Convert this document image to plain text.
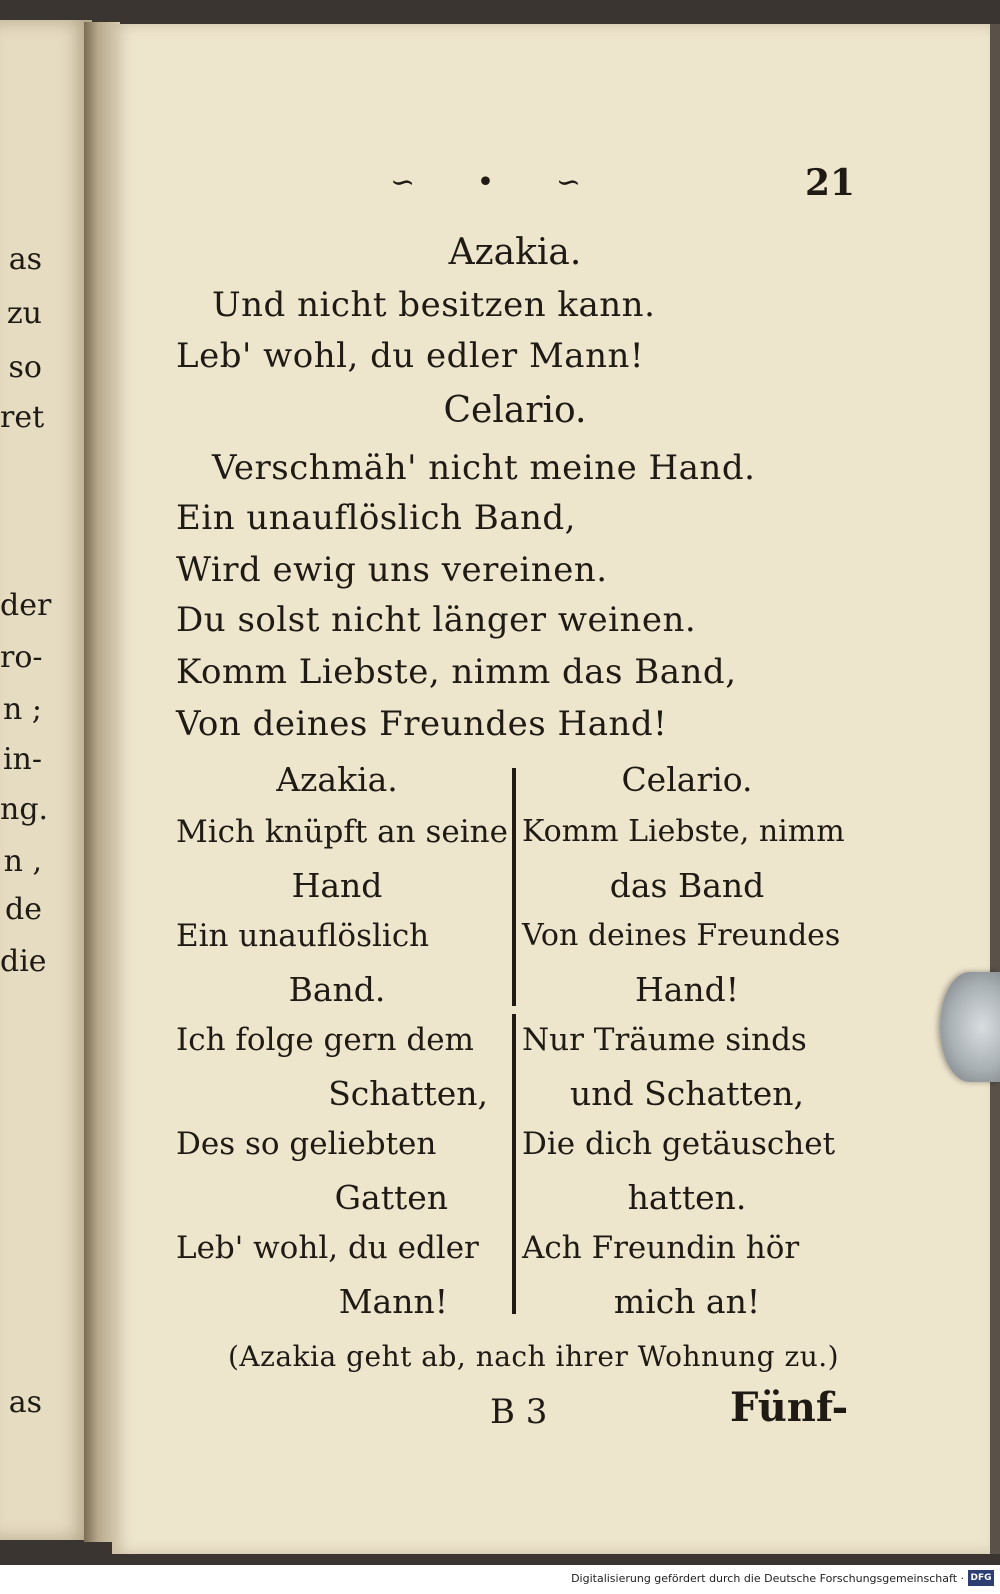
as
zu
so
ret
der
ro-
n ;
in-
ng.
n ,
de
die
as
∽ • ∽	21
Azakia.
Und nicht besitzen kann.
Leb' wohl, du edler Mann!
Celario.
Verschmäh' nicht meine Hand.
Ein unauflöslich Band,
Wird ewig uns vereinen.
Du solst nicht länger weinen.
Komm Liebste, nimm das Band,
Von deines Freundes Hand!
Azakia.
Mich knüpft an seine
Hand
Ein unauflöslich
Band.
Ich folge gern dem
Schatten,
Des so geliebten
Gatten
Leb' wohl, du edler
Mann!
Celario.
Komm Liebste, nimm
das Band
Von deines Freundes
Hand!
Nur Träume sinds
und Schatten,
Die dich getäuschet
hatten.
Ach Freundin hör
mich an!
(Azakia geht ab, nach ihrer Wohnung zu.)
B 3	Fünf-
Digitalisierung gefördert durch die Deutsche Forschungsgemeinschaft · DFG
